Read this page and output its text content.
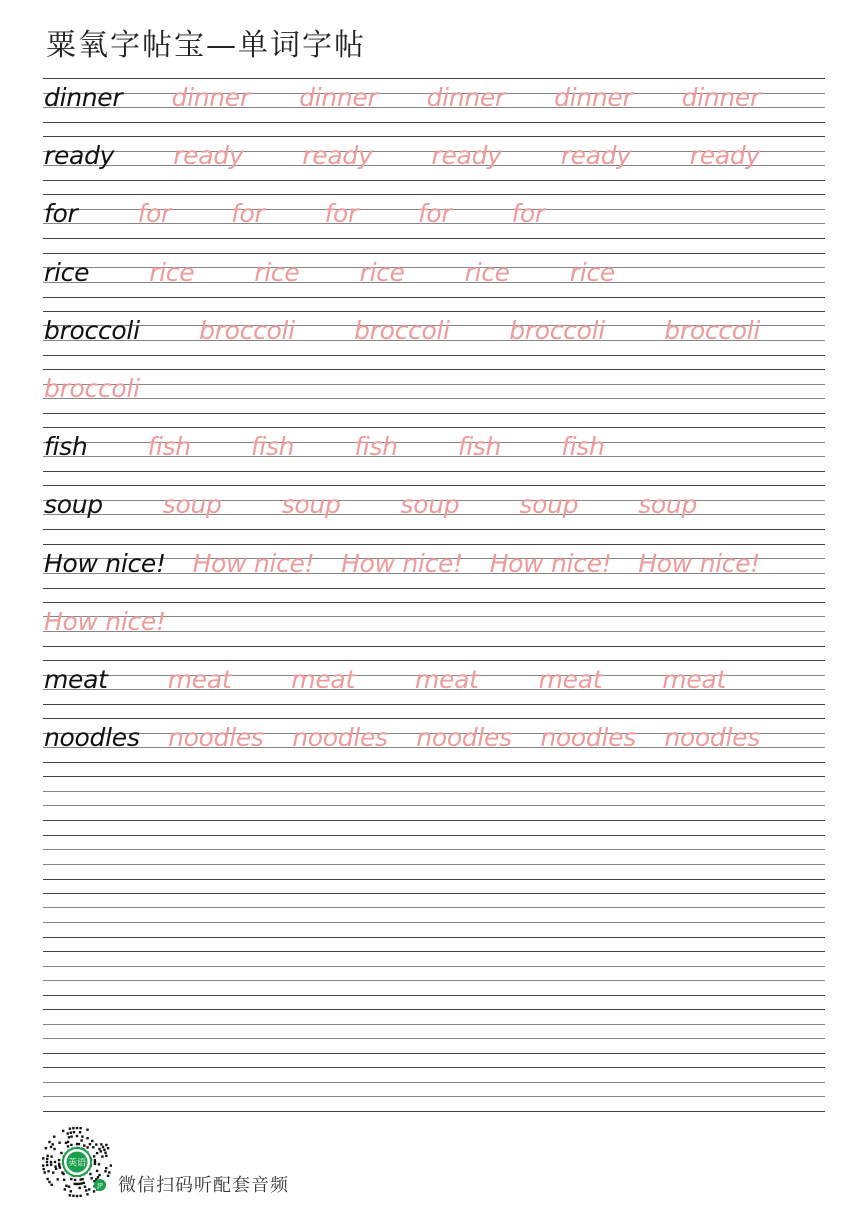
粟氧字帖宝—单词字帖
dinner dinner dinner dinner dinner dinner
ready ready ready ready ready ready
for for for for for for
rice rice rice rice rice rice
broccoli broccoli broccoli broccoli broccoli
broccoli
fish fish fish fish fish fish
soup soup soup soup soup soup
How nice! How nice! How nice! How nice! How nice!
How nice!
meat meat meat meat meat meat
noodles noodles noodles noodles noodles noodles
英语
JP 微信扫码听配套音频
